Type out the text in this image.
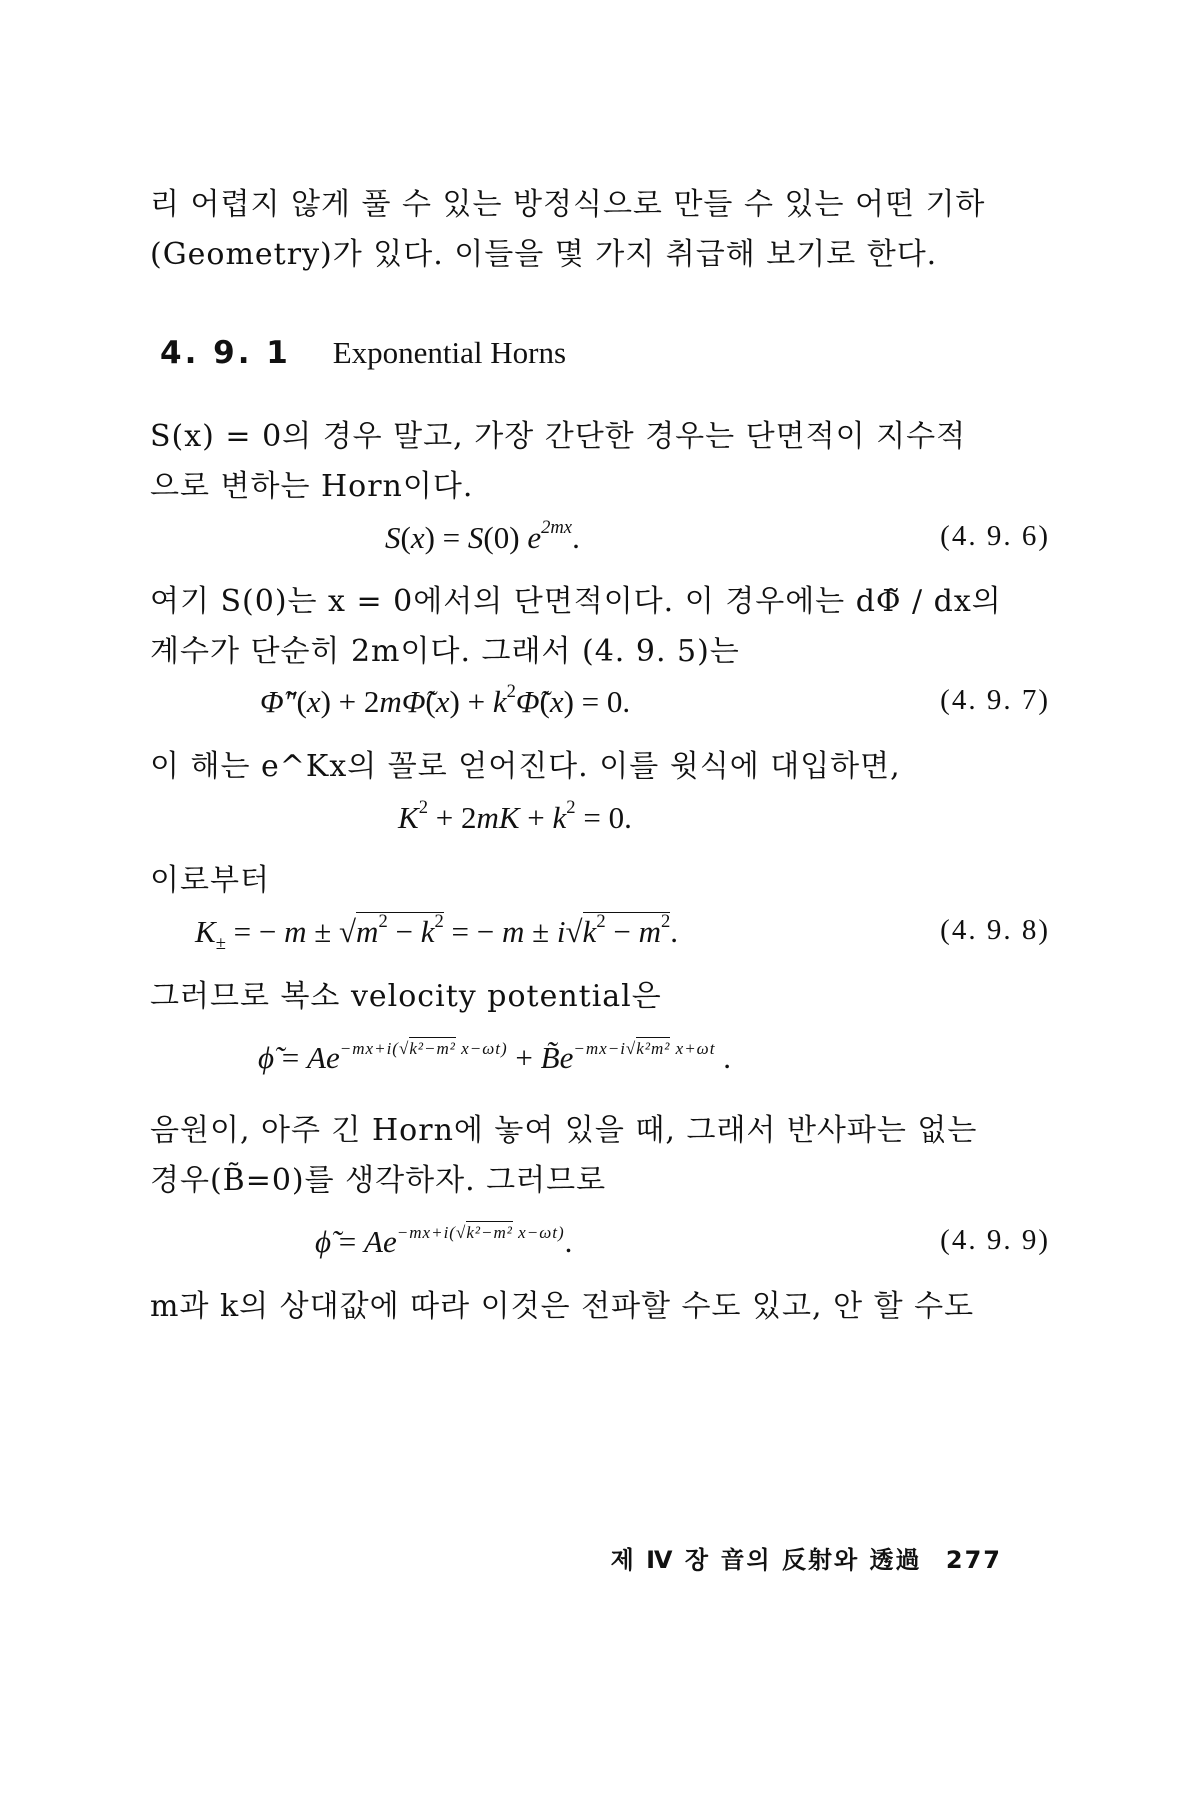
리 어렵지 않게 풀 수 있는 방정식으로 만들 수 있는 어떤 기하
(Geometry)가 있다. 이들을 몇 가지 취급해 보기로 한다.
4. 9. 1 Exponential Horns
S(x) = 0의 경우 말고, 가장 간단한 경우는 단면적이 지수적
으로 변하는 Horn이다.
S(x) = S(0) $e^{2mx}$.	(4. 9. 6)
여기 S(0)는 x = 0에서의 단면적이다. 이 경우에는 dΦ̃ / dx의
계수가 단순히 2m이다. 그래서 (4. 9. 5)는
Φ̃″(x) + 2mΦ̃(x) + $k^2\Phĩ(x) = 0$.	(4. 9. 7)
이 해는 e^Kx의 꼴로 얻어진다. 이를 윗식에 대입하면,
$K^2 + 2mK + k^2 = 0$.
이로부터
$K_\pm$ = − $m \pm √m^2 - k^2$ = − $m \pm i√k^2 - m^2$.	(4. 9. 8)
그러므로 복소 velocity potential은
ϕ̃ = $Ae^{-mx+i(√k^2-m^2 x-\omega t)}$ + $B̃e^{-mx-i√k^2m^2 x+\omega t}$ .
음원이, 아주 긴 Horn에 놓여 있을 때, 그래서 반사파는 없는
경우(B̃=0)를 생각하자. 그러므로
ϕ̃ = $Ae^{-mx+i(√k^2-m^2 x-\omega t)}$.	(4. 9. 9)
m과 k의 상대값에 따라 이것은 전파할 수도 있고, 안 할 수도
제 Ⅳ 장 音의 反射와 透過 277
